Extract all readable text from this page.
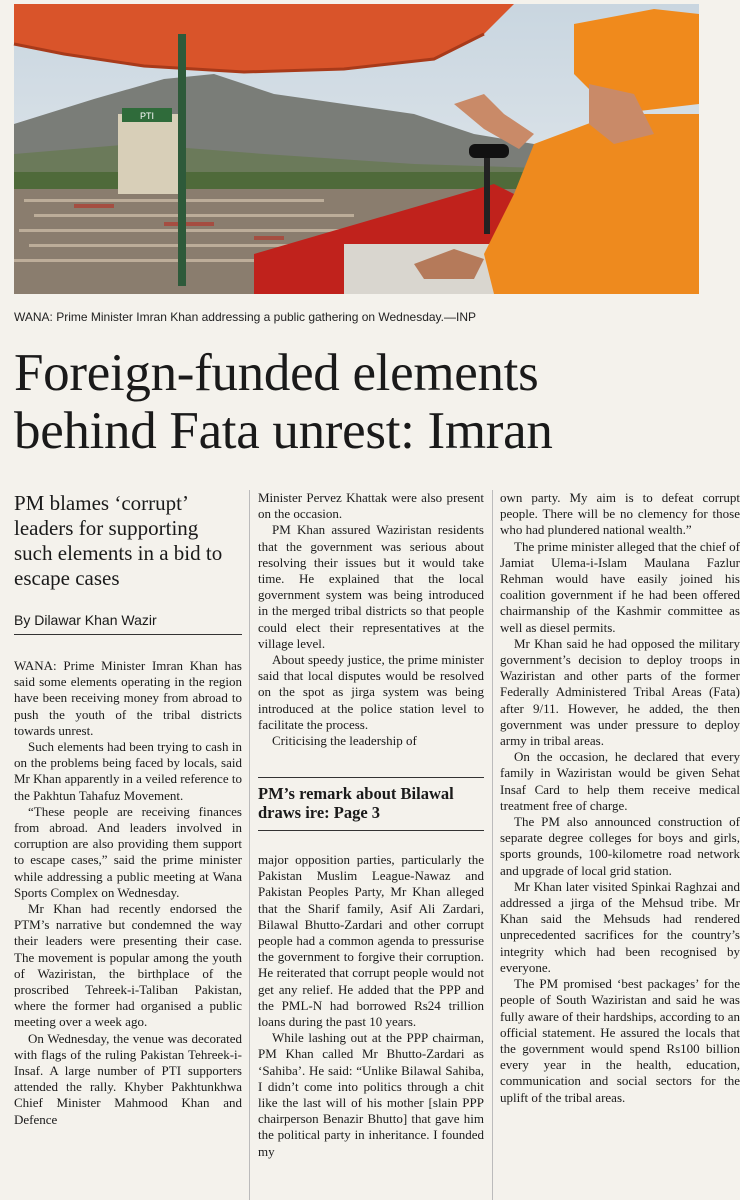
PTI
WANA: Prime Minister Imran Khan addressing a public gathering on Wednesday.—INP
Foreign-funded elements
behind Fata unrest: Imran
PM blames ‘corrupt’ leaders for supporting such elements in a bid to escape cases
By Dilawar Khan Wazir

WANA: Prime Minister Imran Khan has said some elements operating in the region have been receiving money from abroad to push the youth of the tribal districts towards unrest.

Such elements had been trying to cash in on the problems being faced by locals, said Mr Khan apparently in a veiled reference to the Pakhtun Tahafuz Movement.

“These people are receiving finances from abroad. And leaders involved in corruption are also providing them support to escape cases,” said the prime minister while addressing a public meeting at Wana Sports Complex on Wednesday.

Mr Khan had recently endorsed the PTM’s narrative but condemned the way their leaders were presenting their case. The movement is popular among the youth of Waziristan, the birthplace of the proscribed Tehreek-i-Taliban Pakistan, where the former had organised a public meeting over a week ago.

On Wednesday, the venue was decorated with flags of the ruling Pakistan Tehreek-i-Insaf. A large number of PTI supporters attended the rally. Khyber Pakhtunkhwa Chief Minister Mahmood Khan and Defence

Minister Pervez Khattak were also present on the occasion.

PM Khan assured Waziristan residents that the government was serious about resolving their issues but it would take time. He explained that the local government system was being introduced in the merged tribal districts so that people could elect their representatives at the village level.

About speedy justice, the prime minister said that local disputes would be resolved on the spot as jirga system was being introduced at the police station level to facilitate the process.

Criticising the leadership of

PM’s remark about Bilawal draws ire: Page 3

major opposition parties, particularly the Pakistan Muslim League-Nawaz and Pakistan Peoples Party, Mr Khan alleged that the Sharif family, Asif Ali Zardari, Bilawal Bhutto-Zardari and other corrupt people had a common agenda to pressurise the government to forgive their corruption. He reiterated that corrupt people would not get any relief. He added that the PPP and the PML-N had borrowed Rs24 trillion loans during the past 10 years.

While lashing out at the PPP chairman, PM Khan called Mr Bhutto-Zardari as ‘Sahiba’. He said: “Unlike Bilawal Sahiba, I didn’t come into politics through a chit like the last will of his mother [slain PPP chairperson Benazir Bhutto] that gave him the political party in inheritance. I founded my

own party. My aim is to defeat corrupt people. There will be no clemency for those who had plundered national wealth.”

The prime minister alleged that the chief of Jamiat Ulema-i-Islam Maulana Fazlur Rehman would have easily joined his coalition government if he had been offered chairmanship of the Kashmir committee as well as diesel permits.

Mr Khan said he had opposed the military government’s decision to deploy troops in Waziristan and other parts of the former Federally Administered Tribal Areas (Fata) after 9/11. However, he added, the then government was under pressure to deploy army in tribal areas.

On the occasion, he declared that every family in Waziristan would be given Sehat Insaf Card to help them receive medical treatment free of charge.

The PM also announced construction of separate degree colleges for boys and girls, sports grounds, 100-kilometre road network and upgrade of local grid station.

Mr Khan later visited Spinkai Raghzai and addressed a jirga of the Mehsud tribe. Mr Khan said the Mehsuds had rendered unprecedented sacrifices for the country’s integrity which had been recognised by everyone.

The PM promised ‘best packages’ for the people of South Waziristan and said he was fully aware of their hardships, according to an official statement. He assured the locals that the government would spend Rs100 billion every year in the health, education, communication and social sectors for the uplift of the tribal areas.
